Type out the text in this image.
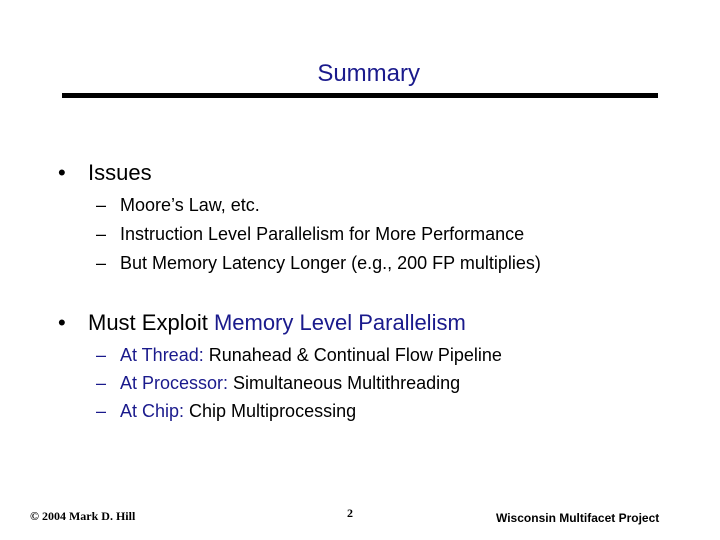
Summary
• Issues
– Moore’s Law, etc.
– Instruction Level Parallelism for More Performance
– But Memory Latency Longer (e.g., 200 FP multiplies)
• Must Exploit Memory Level Parallelism
– At Thread: Runahead & Continual Flow Pipeline
– At Processor: Simultaneous Multithreading
– At Chip: Chip Multiprocessing
© 2004 Mark D. Hill	2	Wisconsin Multifacet Project
